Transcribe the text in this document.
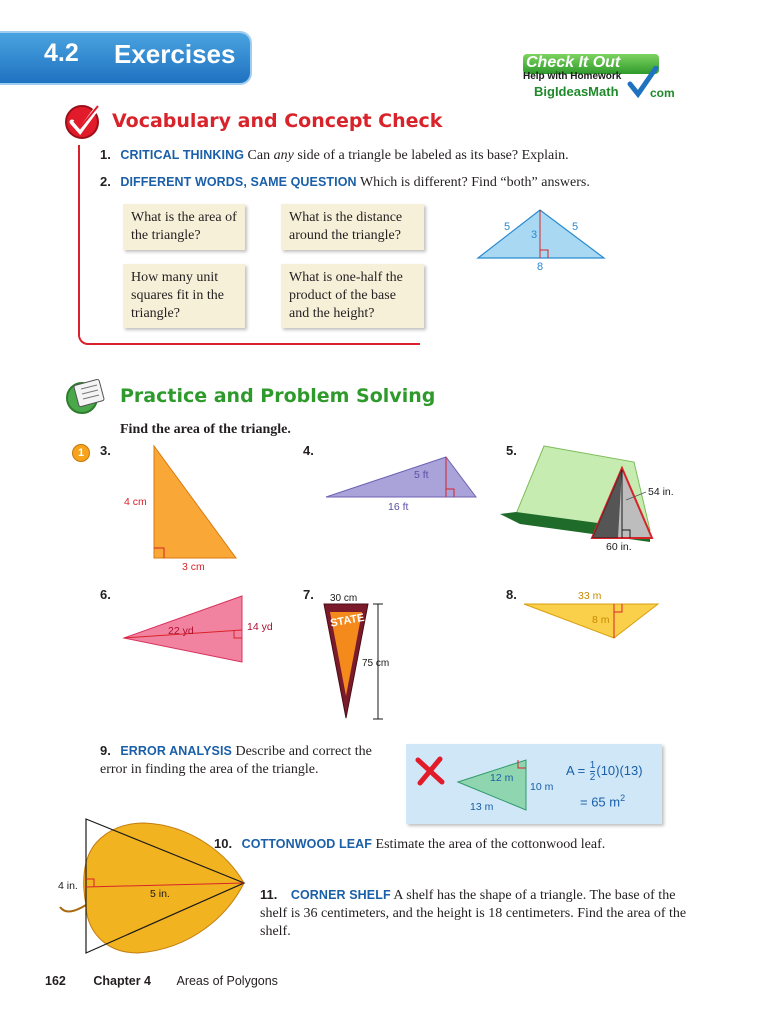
4.2 Exercises	Check It Out
Help with Homework
BigIdeasMath	com
Vocabulary and Concept Check
1. CRITICAL THINKING Can any side of a triangle be labeled as its base? Explain.
2. DIFFERENT WORDS, SAME QUESTION Which is different? Find “both” answers.
What is the area of the triangle?
What is the distance around the triangle?
How many unit squares fit in the triangle?
What is one-half the product of the base and the height?
5	5
3
8
Practice and Problem Solving
Find the area of the triangle.
1	3.
4 cm
3 cm
4.
5 ft
16 ft
5.
54 in.
60 in.
6.
22 yd	14 yd
7. 30 cm
STATE
75 cm
8.	33 m
8 m
9. ERROR ANALYSIS Describe and correct the error in finding the area of the triangle.
12 m
10 m
13 m
$A = \frac{1}{2} (10)(13)$
= 65 $m^2$
4 in.
5 in.
10. COTTONWOOD LEAF Estimate the area of the cottonwood leaf.
11. CORNER SHELF A shelf has the shape of a triangle. The base of the shelf is 36 centimeters, and the height is 18 centimeters. Find the area of the shelf.
162 Chapter 4 Areas of Polygons
